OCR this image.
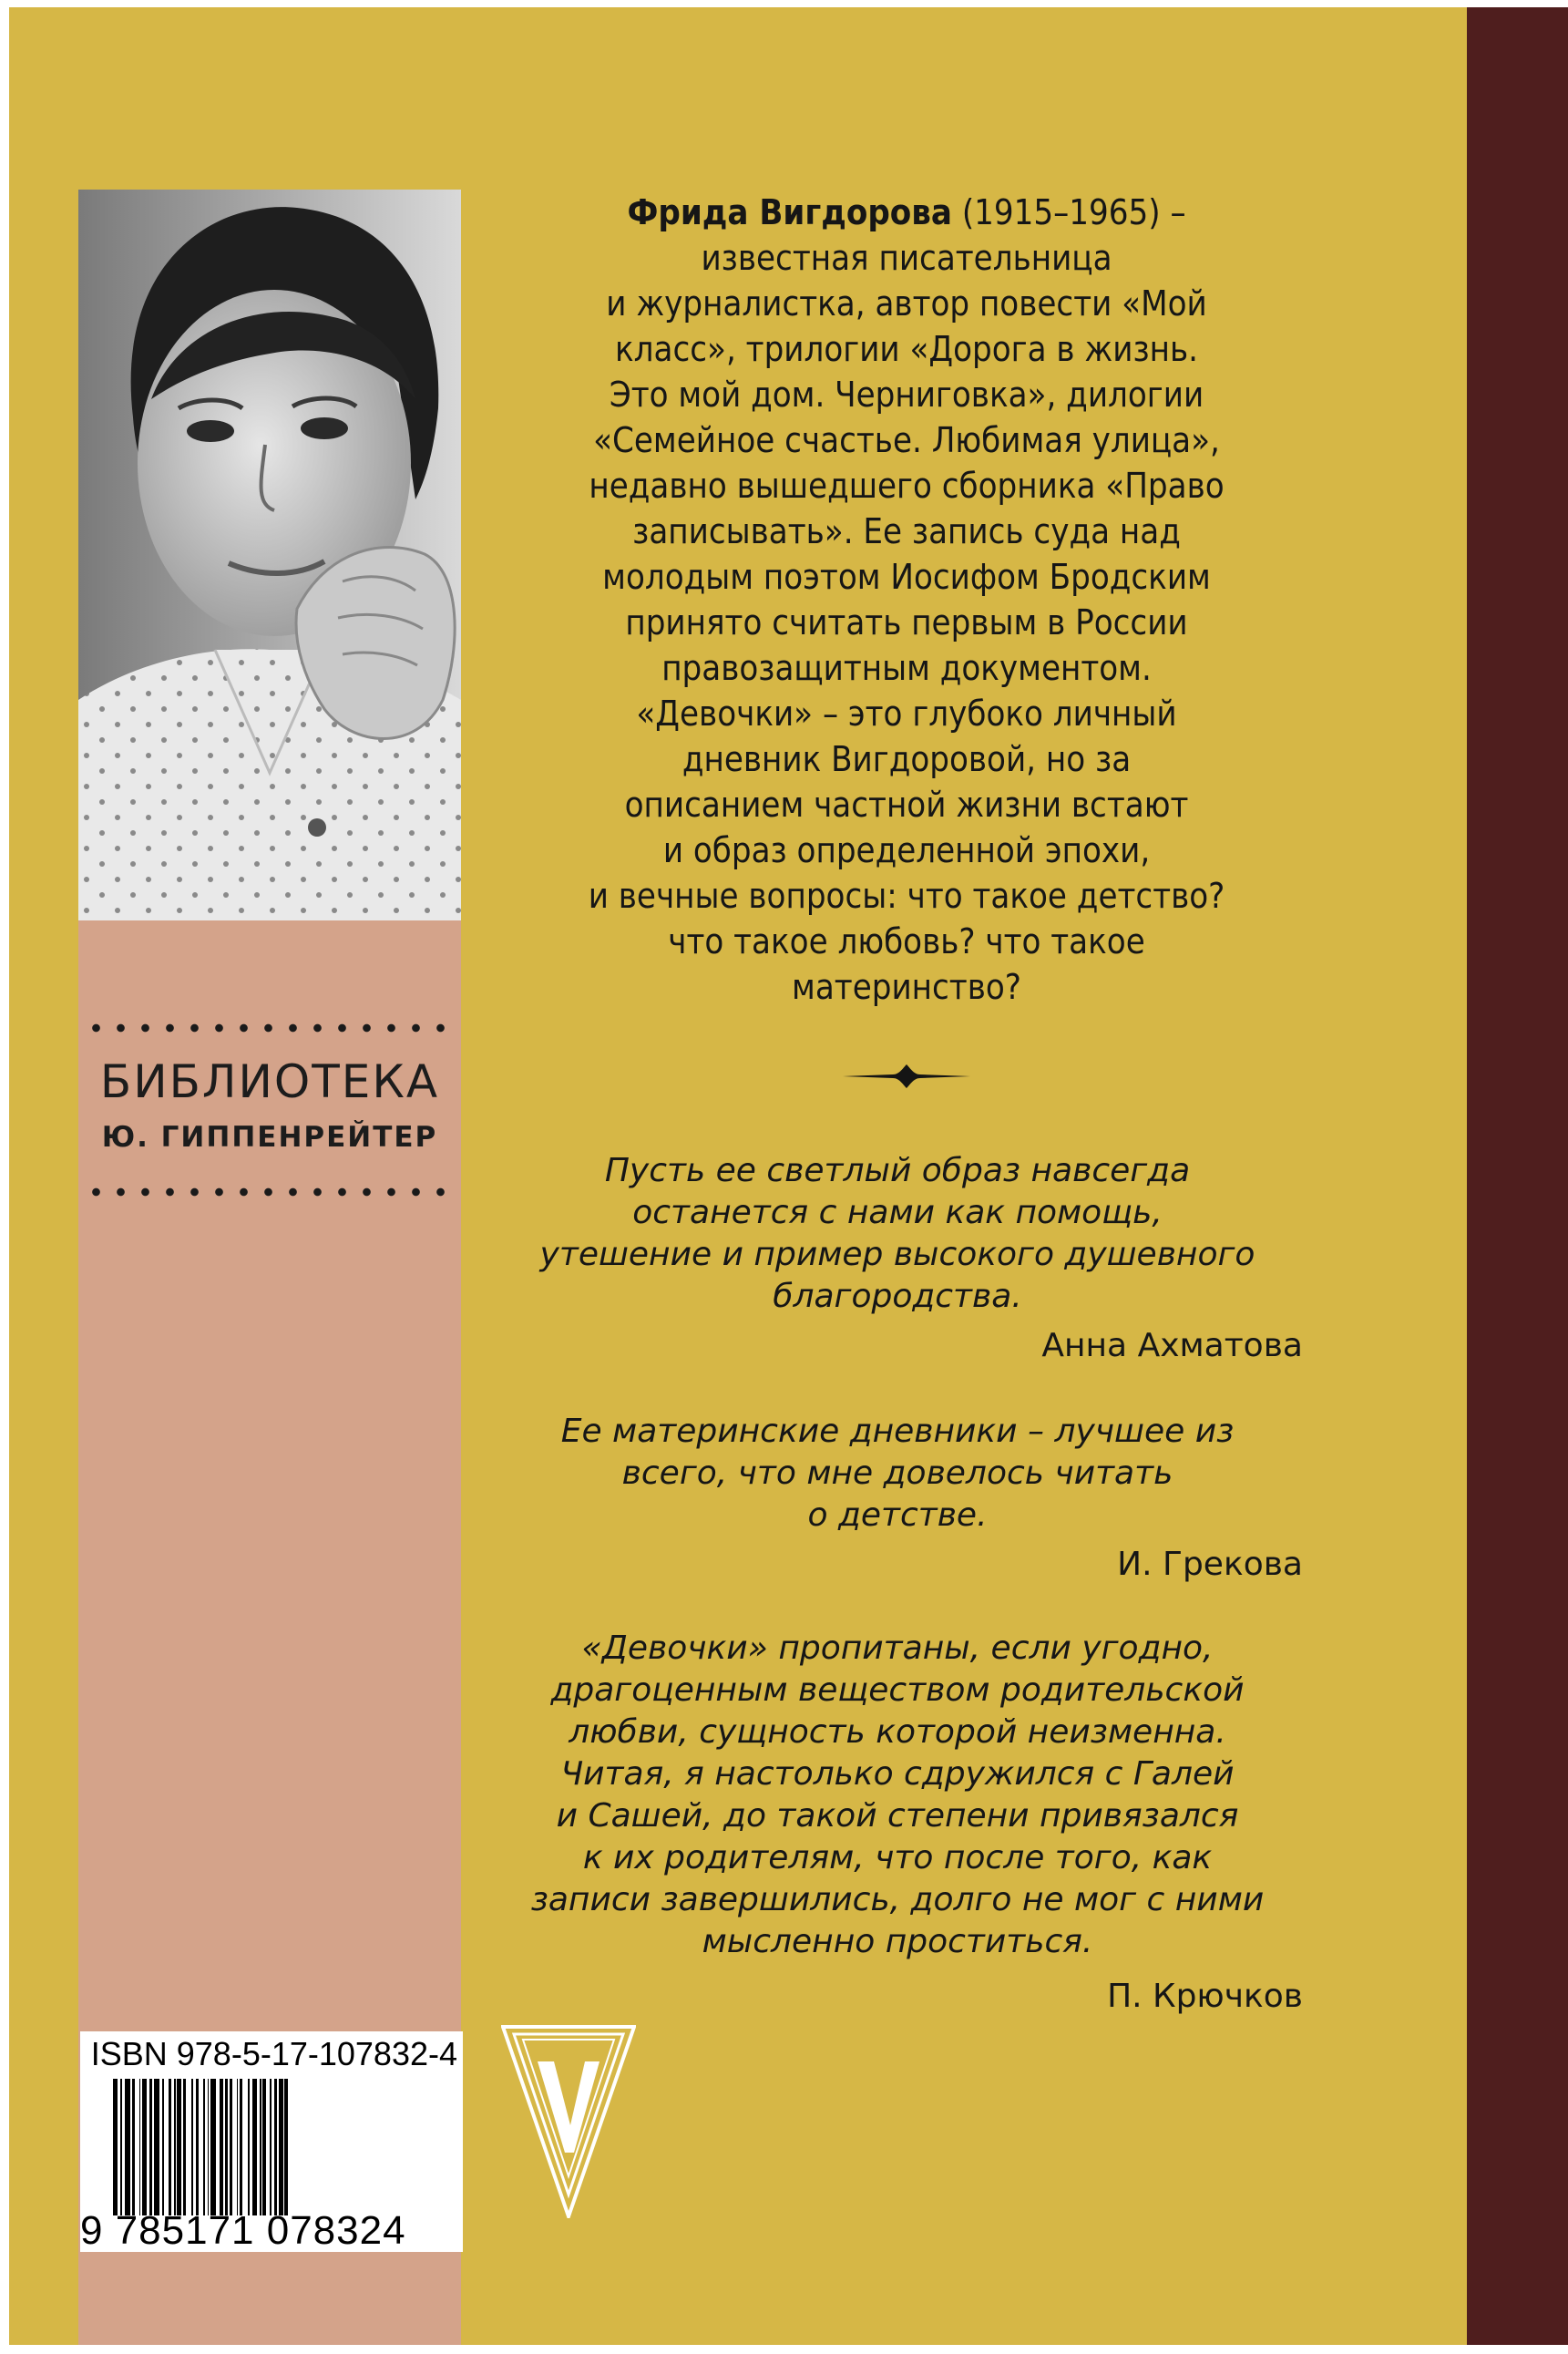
БИБЛИОТЕКА
Ю. ГИППЕНРЕЙТЕР
Фрида Вигдорова (1915–1965) –
известная писательница
и журналистка, автор повести «Мой
класс», трилогии «Дорога в жизнь.
Это мой дом. Черниговка», дилогии
«Семейное счастье. Любимая улица»,
недавно вышедшего сборника «Право
записывать». Ее запись суда над
молодым поэтом Иосифом Бродским
принято считать первым в России
правозащитным документом.
«Девочки» – это глубоко личный
дневник Вигдоровой, но за
описанием частной жизни встают
и образ определенной эпохи,
и вечные вопросы: что такое детство?
что такое любовь? что такое
материнство?
Пусть ее светлый образ навсегда
останется с нами как помощь,
утешение и пример высокого душевного
благородства.
Анна Ахматова
Ее материнские дневники – лучшее из
всего, что мне довелось читать
о детстве.
И. Грекова
«Девочки» пропитаны, если угодно,
драгоценным веществом родительской
любви, сущность которой неизменна.
Читая, я настолько сдружился с Галей
и Сашей, до такой степени привязался
к их родителям, что после того, как
записи завершились, долго не мог с ними
мысленно проститься.
П. Крючков
ISBN 978-5-17-107832-4
9 785171 078324
